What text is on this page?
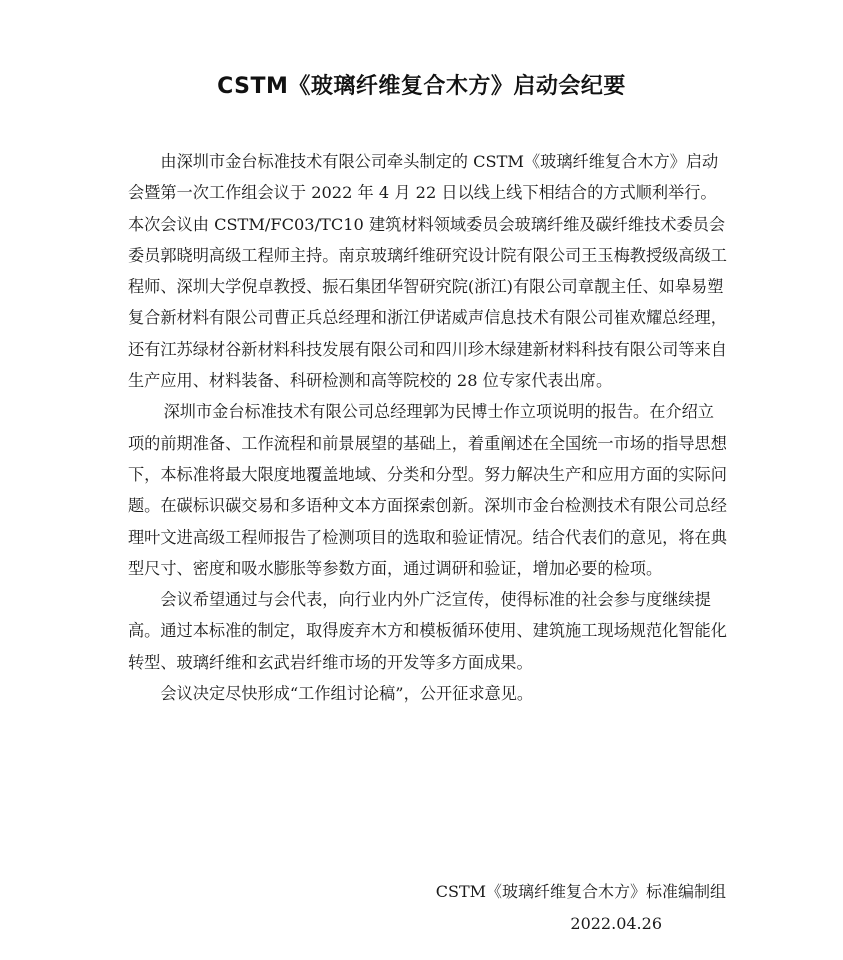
CSTM《玻璃纤维复合木方》启动会纪要

由深圳市金台标准技术有限公司牵头制定的 CSTM《玻璃纤维复合木方》启动会暨第一次工作组会议于 2022 年 4 月 22 日以线上线下相结合的方式顺利举行。本次会议由 CSTM/FC03/TC10 建筑材料领域委员会玻璃纤维及碳纤维技术委员会委员郭晓明高级工程师主持。南京玻璃纤维研究设计院有限公司王玉梅教授级高级工程师、深圳大学倪卓教授、振石集团华智研究院(浙江)有限公司章靓主任、如皋易塑复合新材料有限公司曹正兵总经理和浙江伊诺威声信息技术有限公司崔欢耀总经理，还有江苏绿材谷新材料科技发展有限公司和四川珍木绿建新材料科技有限公司等来自生产应用、材料装备、科研检测和高等院校的 28 位专家代表出席。

深圳市金台标准技术有限公司总经理郭为民博士作立项说明的报告。在介绍立项的前期准备、工作流程和前景展望的基础上，着重阐述在全国统一市场的指导思想下，本标准将最大限度地覆盖地域、分类和分型。努力解决生产和应用方面的实际问题。在碳标识碳交易和多语种文本方面探索创新。深圳市金台检测技术有限公司总经理叶文进高级工程师报告了检测项目的选取和验证情况。结合代表们的意见，将在典型尺寸、密度和吸水膨胀等参数方面，通过调研和验证，增加必要的检项。

会议希望通过与会代表，向行业内外广泛宣传，使得标准的社会参与度继续提高。通过本标准的制定，取得废弃木方和模板循环使用、建筑施工现场规范化智能化转型、玻璃纤维和玄武岩纤维市场的开发等多方面成果。

会议决定尽快形成“工作组讨论稿”，公开征求意见。

CSTM《玻璃纤维复合木方》标准编制组
2022.04.26
